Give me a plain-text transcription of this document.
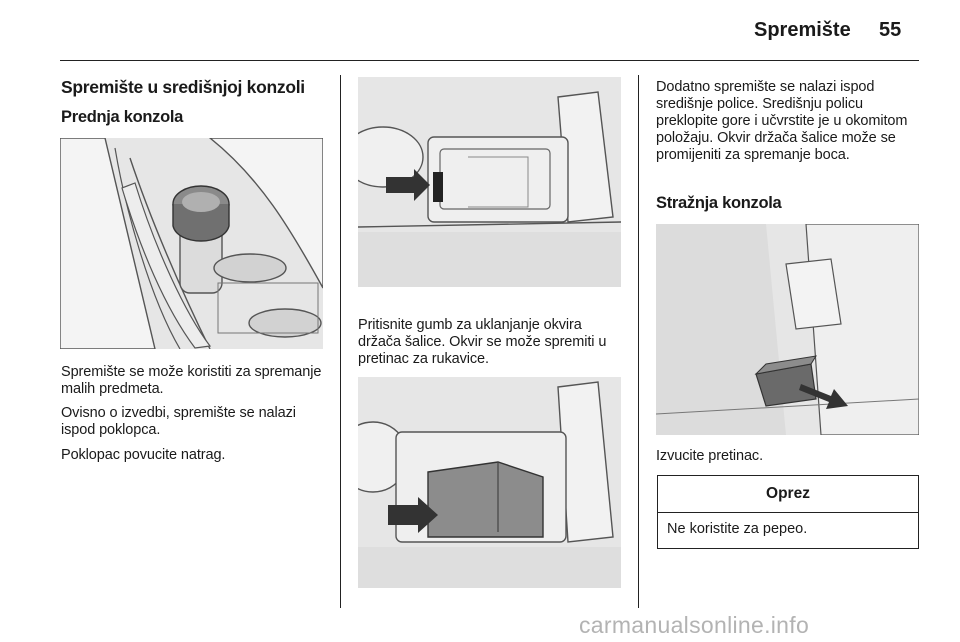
Spremište 55
Spremište u središnjoj konzoli
Prednja konzola

Spremište se može koristiti za spremanje malih predmeta.

Ovisno o izvedbi, spremište se nalazi ispod poklopca.

Poklopac povucite natrag.

Pritisnite gumb za uklanjanje okvira držača šalice. Okvir se može spremiti u pretinac za rukavice.

Dodatno spremište se nalazi ispod središnje police. Središnju policu preklopite gore i učvrstite je u okomitom položaju. Okvir držača šalice može se promijeniti za spremanje boca.

Stražnja konzola
Izvucite pretinac.
Oprez
Ne koristite za pepeo.
carmanualsonline.info
